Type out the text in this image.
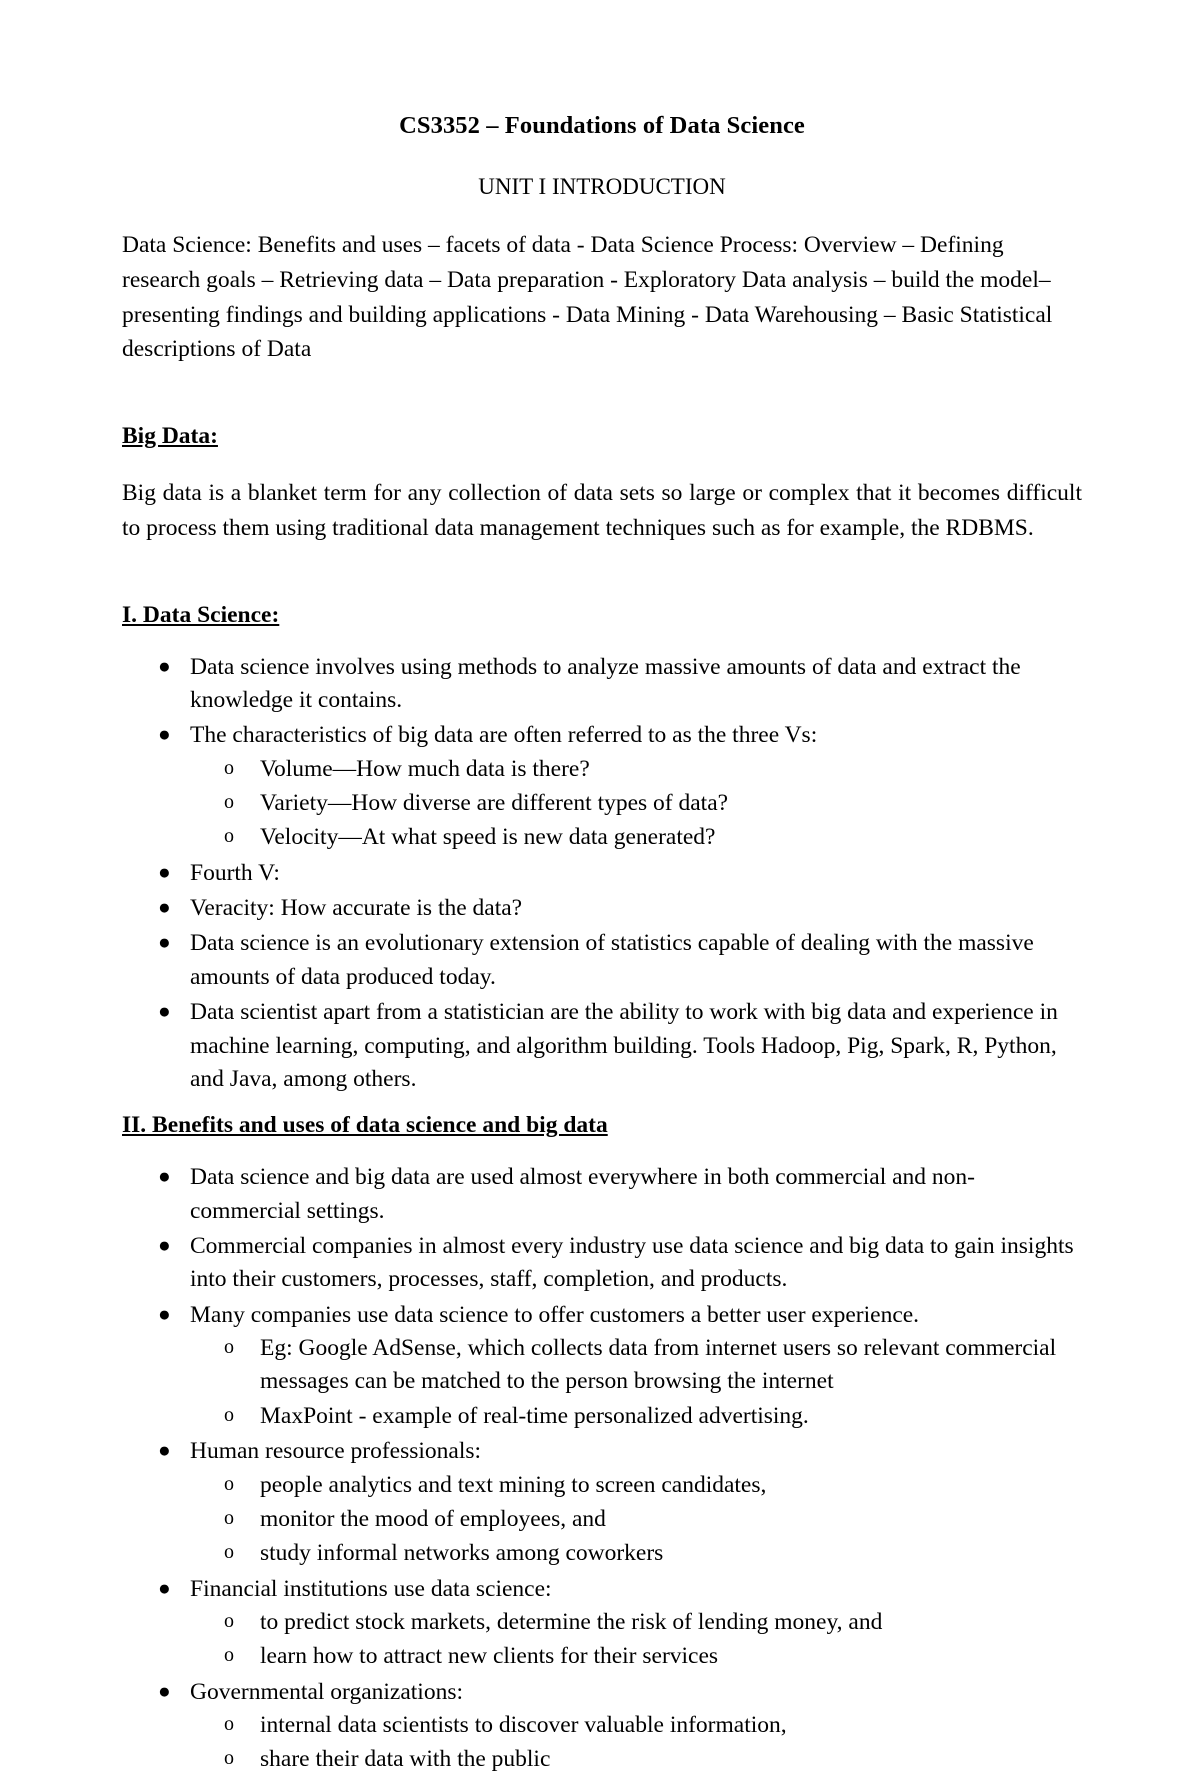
CS3352 – Foundations of Data Science
UNIT I INTRODUCTION
Data Science: Benefits and uses – facets of data - Data Science Process: Overview – Defining research goals – Retrieving data – Data preparation - Exploratory Data analysis – build the model– presenting findings and building applications - Data Mining - Data Warehousing – Basic Statistical descriptions of Data
Big Data:
Big data is a blanket term for any collection of data sets so large or complex that it becomes difficult to process them using traditional data management techniques such as for example, the RDBMS.
I. Data Science:
● Data science involves using methods to analyze massive amounts of data and extract the knowledge it contains.
● The characteristics of big data are often referred to as the three Vs:
o Volume—How much data is there?
o Variety—How diverse are different types of data?
o Velocity—At what speed is new data generated?
● Fourth V:
● Veracity: How accurate is the data?
● Data science is an evolutionary extension of statistics capable of dealing with the massive amounts of data produced today.
● Data scientist apart from a statistician are the ability to work with big data and experience in machine learning, computing, and algorithm building. Tools Hadoop, Pig, Spark, R, Python, and Java, among others.
II. Benefits and uses of data science and big data
● Data science and big data are used almost everywhere in both commercial and non-commercial settings.
● Commercial companies in almost every industry use data science and big data to gain insights into their customers, processes, staff, completion, and products.
● Many companies use data science to offer customers a better user experience.
o Eg: Google AdSense, which collects data from internet users so relevant commercial messages can be matched to the person browsing the internet
o MaxPoint - example of real-time personalized advertising.
● Human resource professionals:
o people analytics and text mining to screen candidates,
o monitor the mood of employees, and
o study informal networks among coworkers
● Financial institutions use data science:
o to predict stock markets, determine the risk of lending money, and
o learn how to attract new clients for their services
● Governmental organizations:
o internal data scientists to discover valuable information,
o share their data with the public
